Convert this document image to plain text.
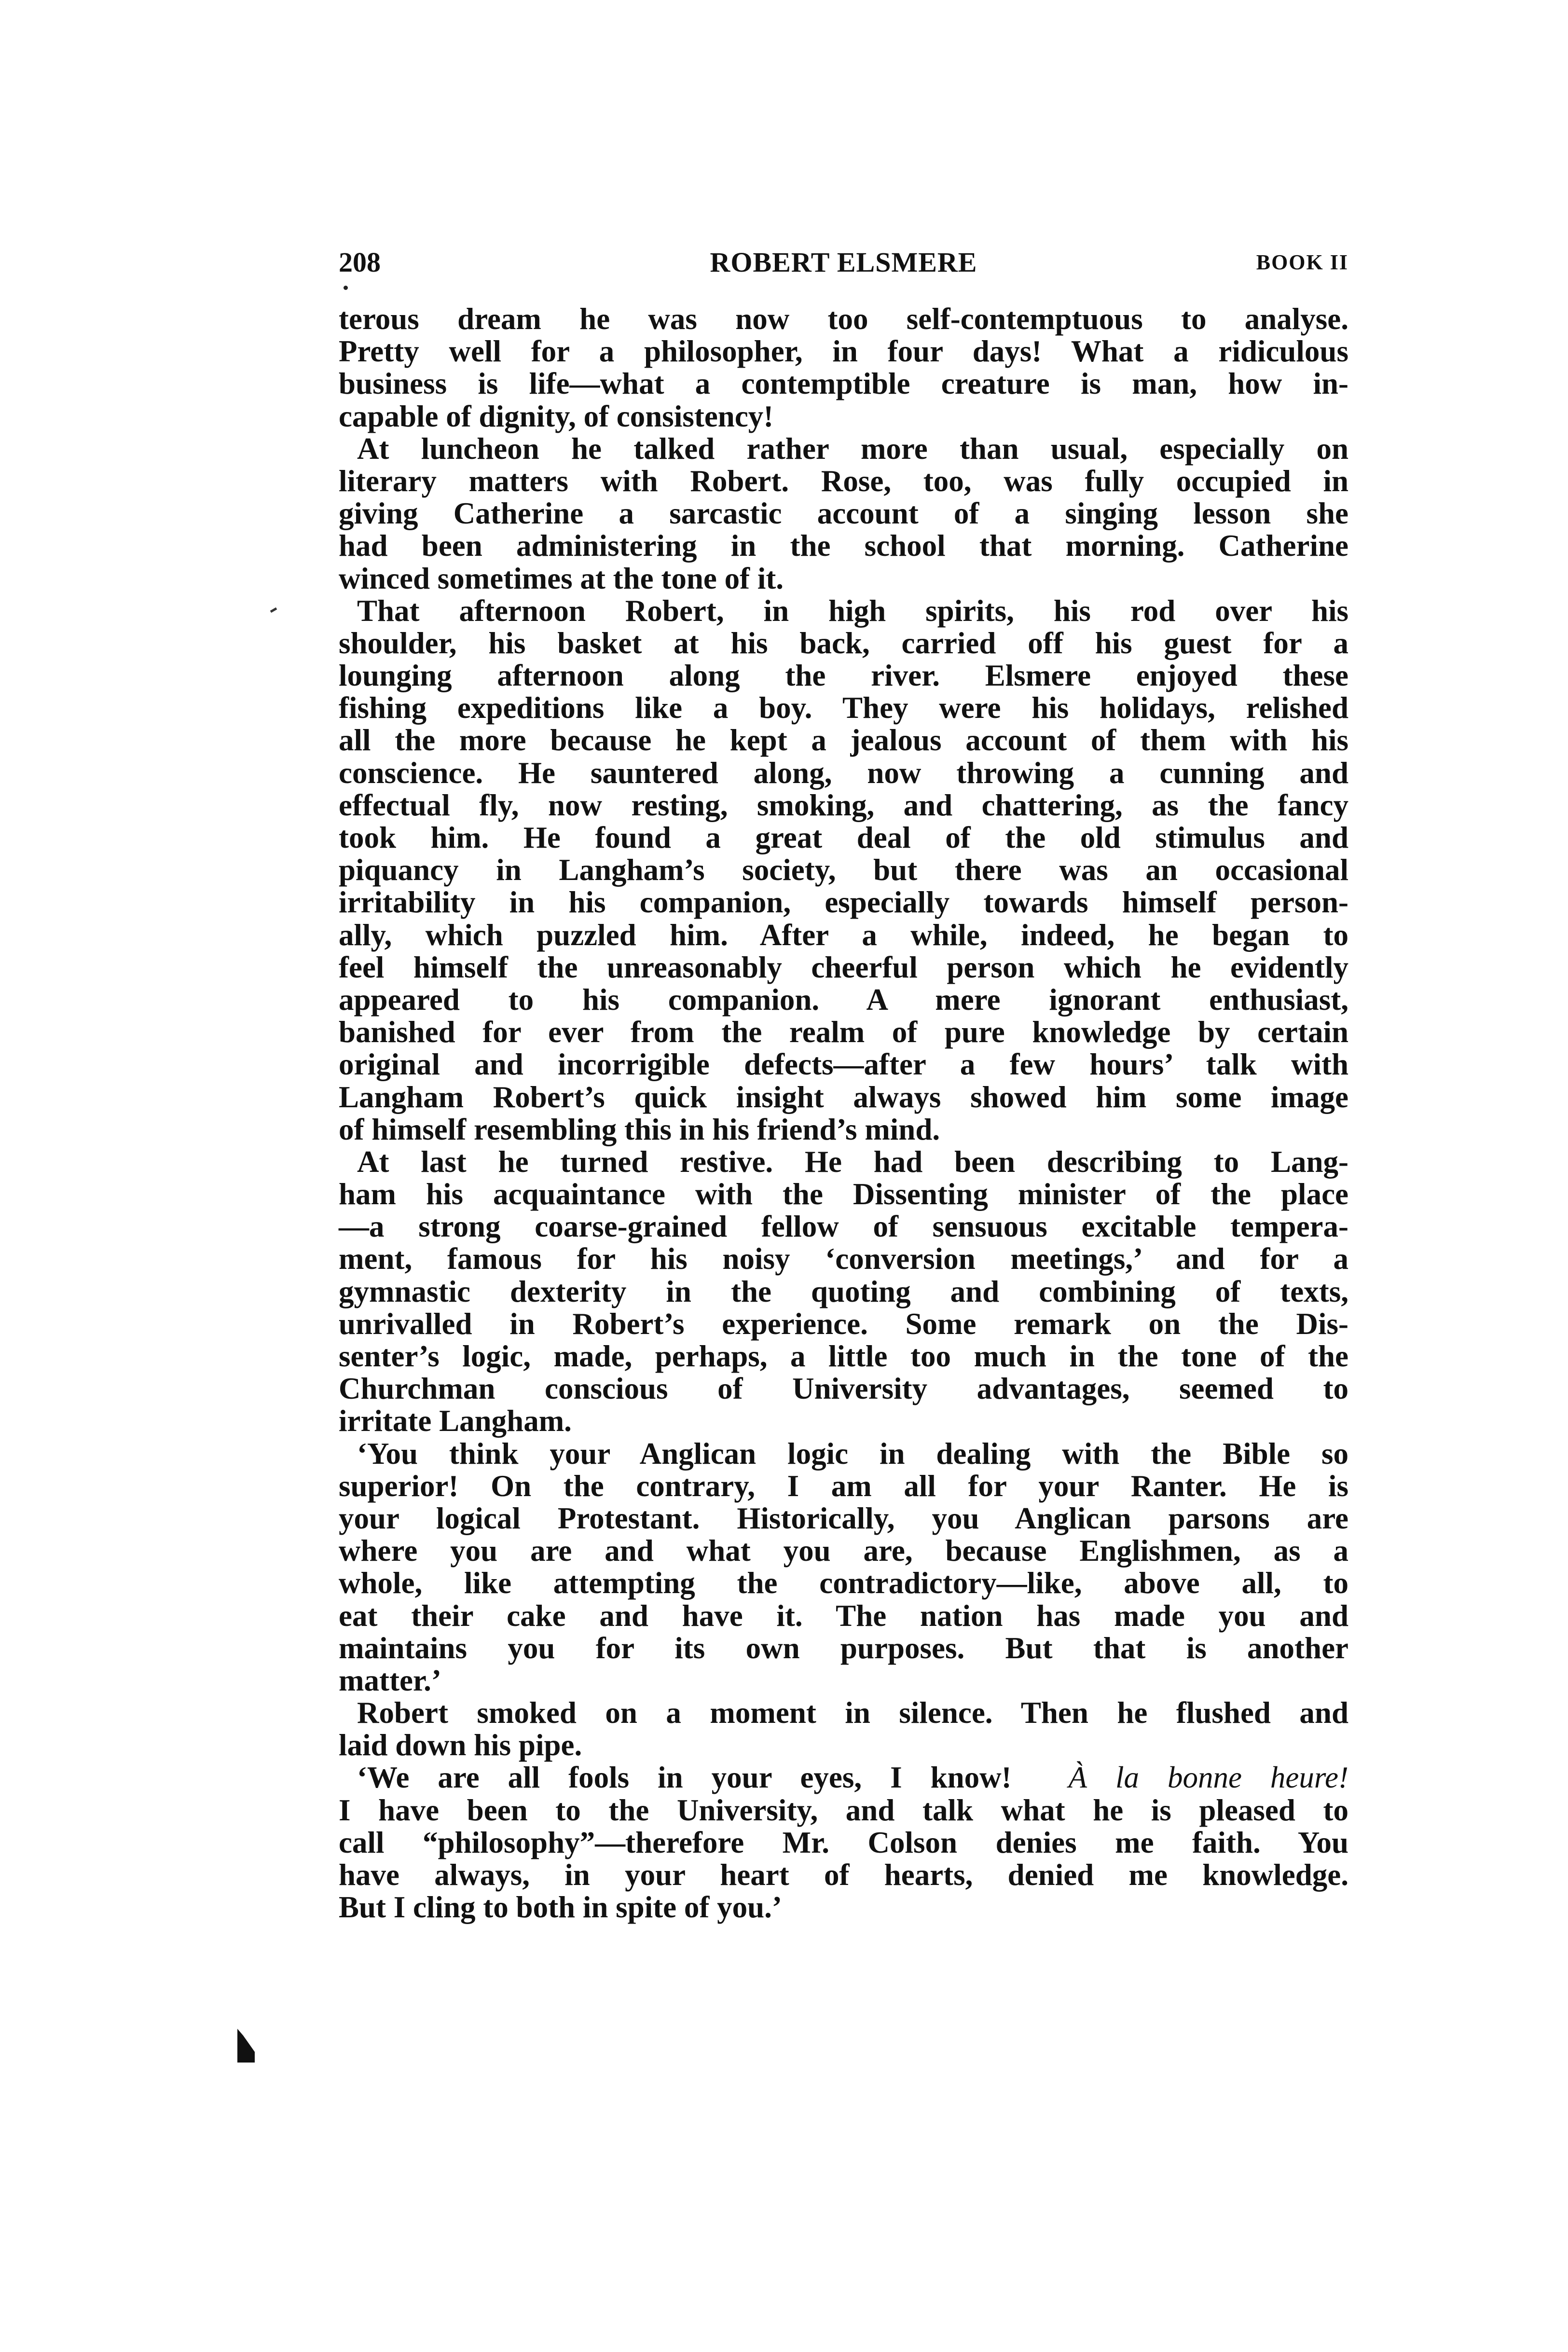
208	ROBERT ELSMERE	BOOK II
terous dream he was now too self-contemptuous to analyse.
Pretty well for a philosopher, in four days! What a ridiculous
business is life—what a contemptible creature is man, how in-
capable of dignity, of consistency!
At luncheon he talked rather more than usual, especially on
literary matters with Robert. Rose, too, was fully occupied in
giving Catherine a sarcastic account of a singing lesson she
had been administering in the school that morning. Catherine
winced sometimes at the tone of it.
That afternoon Robert, in high spirits, his rod over his
shoulder, his basket at his back, carried off his guest for a
lounging afternoon along the river. Elsmere enjoyed these
fishing expeditions like a boy. They were his holidays, relished
all the more because he kept a jealous account of them with his
conscience. He sauntered along, now throwing a cunning and
effectual fly, now resting, smoking, and chattering, as the fancy
took him. He found a great deal of the old stimulus and
piquancy in Langham’s society, but there was an occasional
irritability in his companion, especially towards himself person-
ally, which puzzled him. After a while, indeed, he began to
feel himself the unreasonably cheerful person which he evidently
appeared to his companion. A mere ignorant enthusiast,
banished for ever from the realm of pure knowledge by certain
original and incorrigible defects—after a few hours’ talk with
Langham Robert’s quick insight always showed him some image
of himself resembling this in his friend’s mind.
At last he turned restive. He had been describing to Lang-
ham his acquaintance with the Dissenting minister of the place
—a strong coarse-grained fellow of sensuous excitable tempera-
ment, famous for his noisy ‘conversion meetings,’ and for a
gymnastic dexterity in the quoting and combining of texts,
unrivalled in Robert’s experience. Some remark on the Dis-
senter’s logic, made, perhaps, a little too much in the tone of the
Churchman conscious of University advantages, seemed to
irritate Langham.
‘You think your Anglican logic in dealing with the Bible so
superior! On the contrary, I am all for your Ranter. He is
your logical Protestant. Historically, you Anglican parsons are
where you are and what you are, because Englishmen, as a
whole, like attempting the contradictory—like, above all, to
eat their cake and have it. The nation has made you and
maintains you for its own purposes. But that is another
matter.’
Robert smoked on a moment in silence. Then he flushed and
laid down his pipe.
‘We are all fools in your eyes, I know!  À la bonne heure!
I have been to the University, and talk what he is pleased to
call “philosophy”—therefore Mr. Colson denies me faith. You
have always, in your heart of hearts, denied me knowledge.
But I cling to both in spite of you.’
